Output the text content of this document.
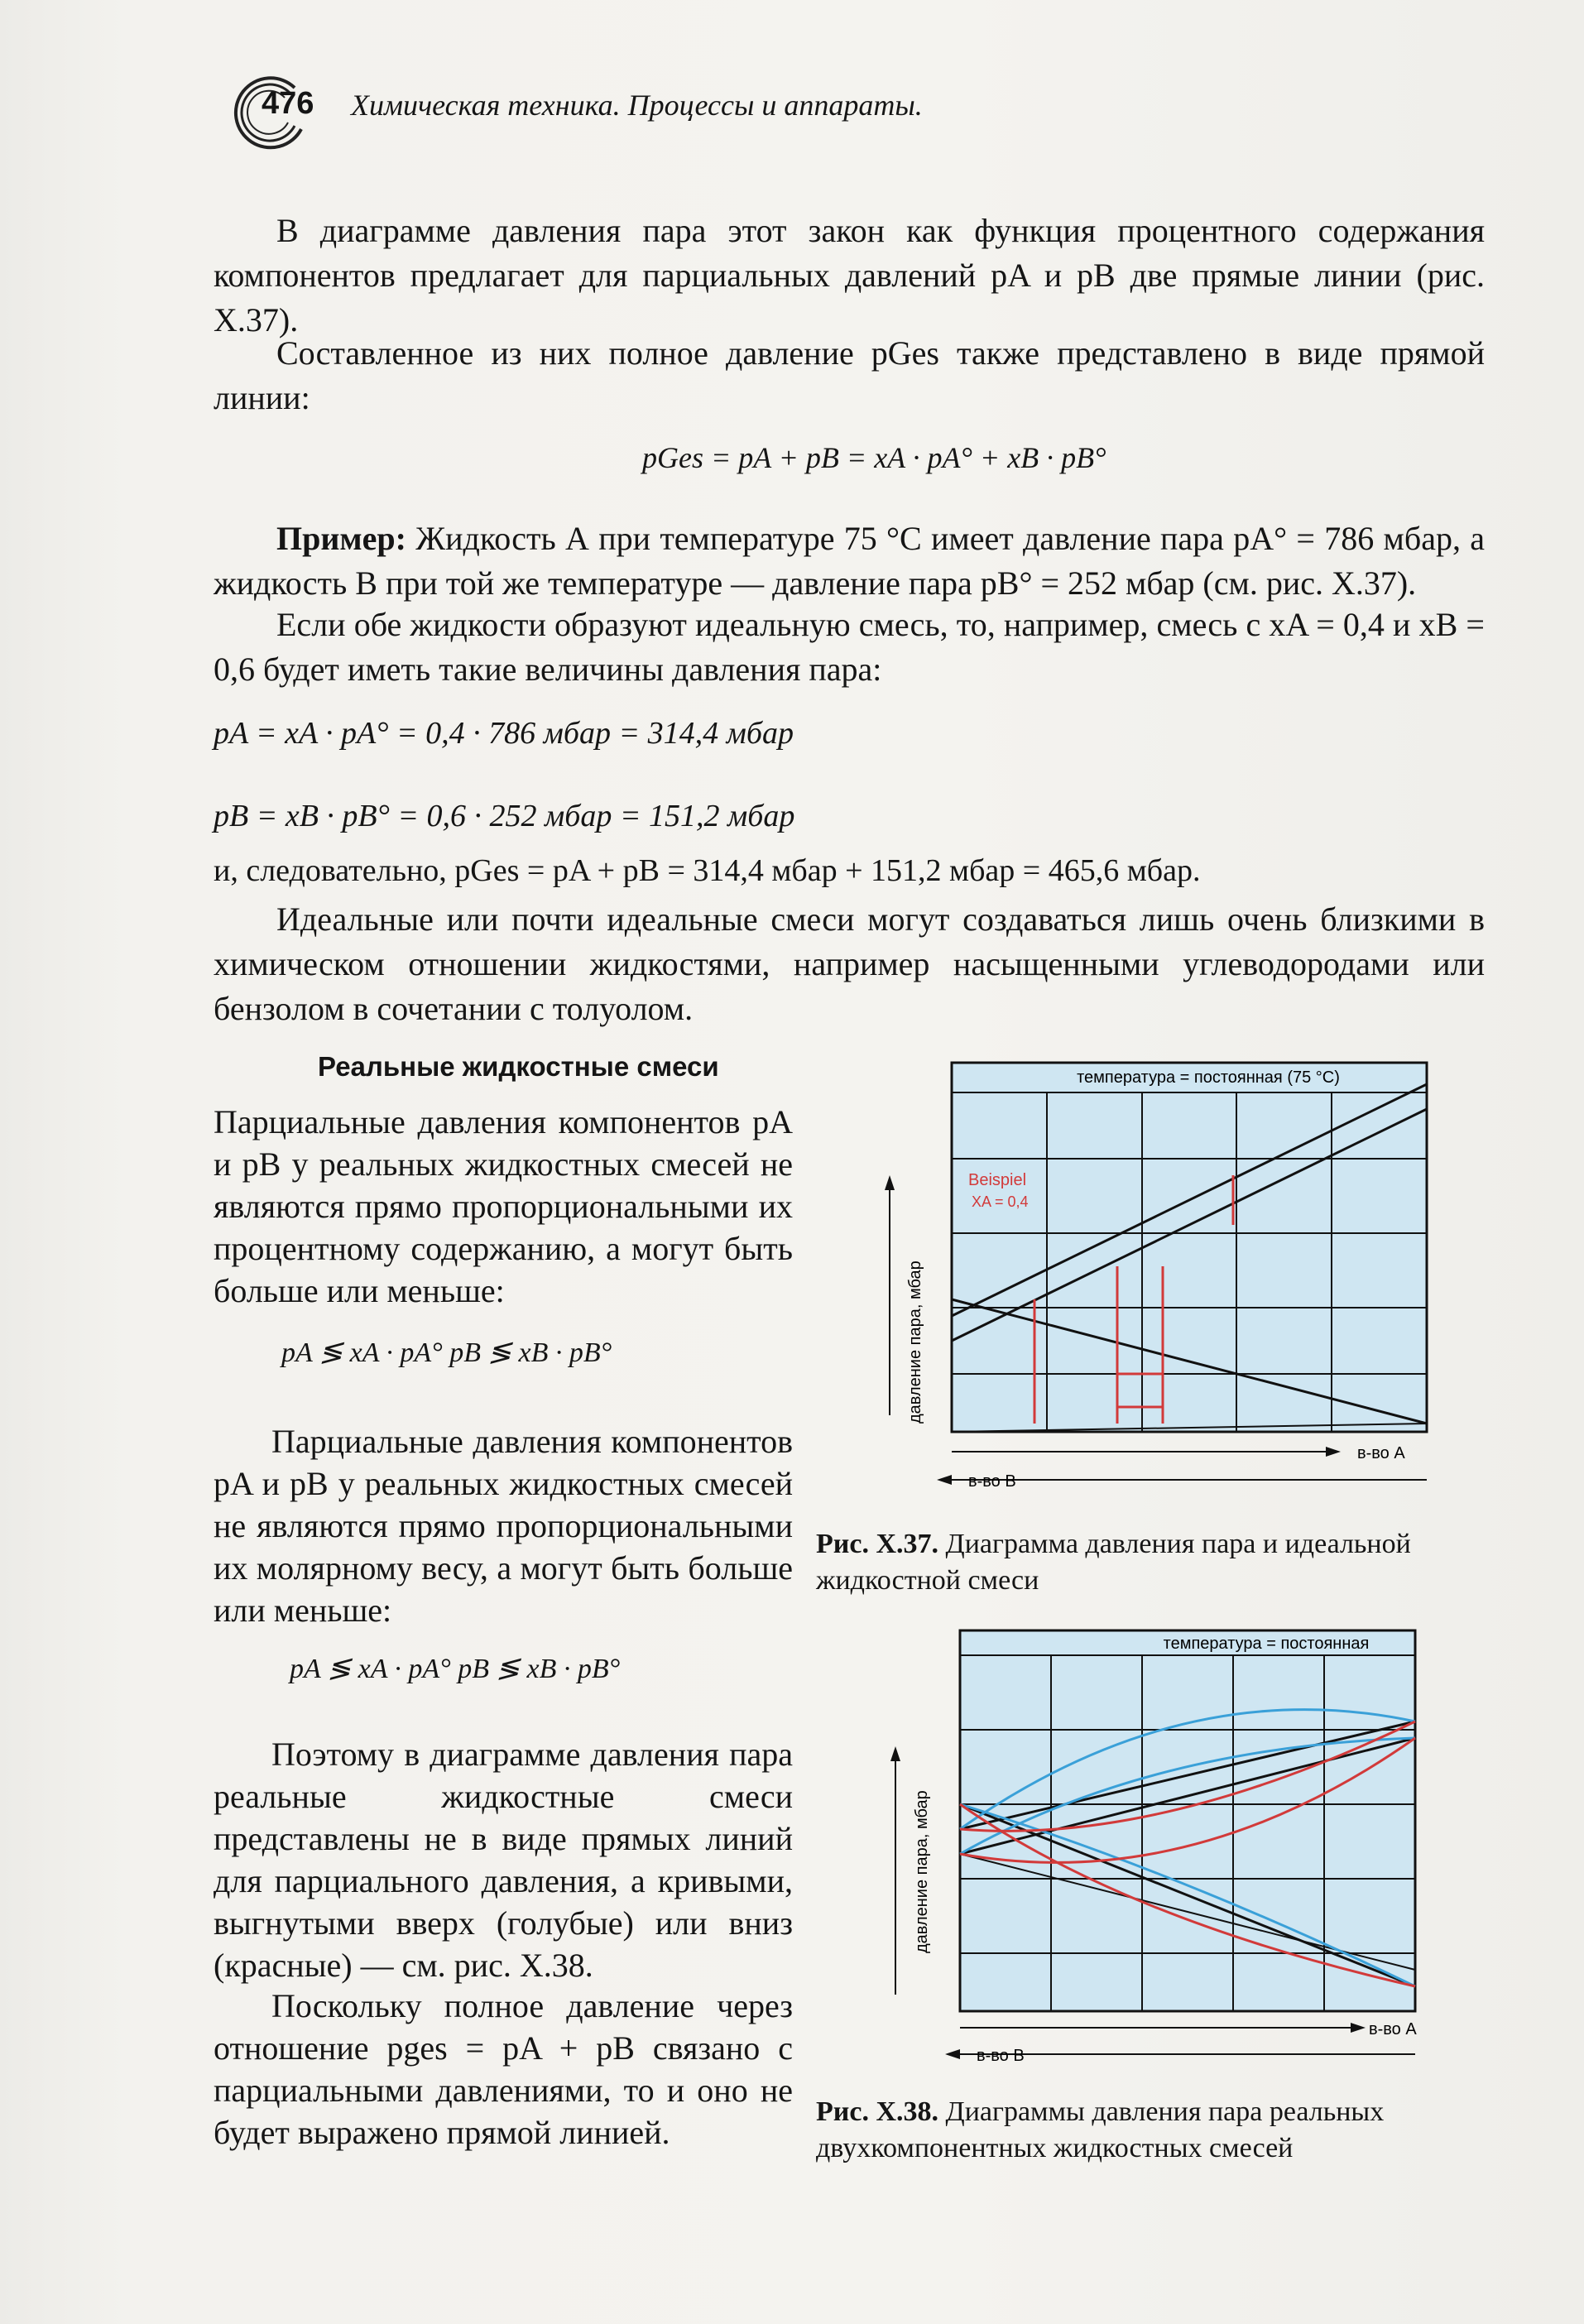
476 Химическая техника. Процессы и аппараты.

В диаграмме давления пара этот закон как функция процентного содержания компонентов предлагает для парциальных давлений pA и pB две прямые линии (рис. X.37).

Составленное из них полное давление pGes также представлено в виде прямой линии:

pGes = pA + pB = xA · pA° + xB · pB°

Пример: Жидкость А при температуре 75 °С имеет давление пара pA° = 786 мбар, а жидкость В при той же температуре — давление пара pB° = 252 мбар (см. рис. X.37).

Если обе жидкости образуют идеальную смесь, то, например, смесь с xA = 0,4 и xB = 0,6 будет иметь такие величины давления пара:

pA = xA · pA° = 0,4 · 786 мбар = 314,4 мбар
pB = xB · pB° = 0,6 · 252 мбар = 151,2 мбар
и, следовательно, pGes = pA + pB = 314,4 мбар + 151,2 мбар = 465,6 мбар.

Идеальные или почти идеальные смеси могут создаваться лишь очень близкими в химическом отношении жидкостями, например насыщенными углеводородами или бензолом в сочетании с толуолом.

Реальные жидкостные смеси

Парциальные давления компонентов pA и pB у реальных жидкостных смесей не являются прямо пропорциональными их процентному содержанию, а могут быть больше или меньше:

pA ≶ xA · pA° pB ≶ xB · pB°

Парциальные давления компонентов pA и pB у реальных жидкостных смесей не являются прямо пропорциональными их молярному весу, а могут быть больше или меньше:

pA ≶ xA · pA° pB ≶ xB · pB°

Поэтому в диаграмме давления пара реальные жидкостные смеси представлены не в виде прямых линий для парциального давления, а кривыми, выгнутыми вверх (голубые) или вниз (красные) — см. рис. X.38.

Поскольку полное давление через отношение pges = pA + pB связано с парциальными давлениями, то и оно не будет выражено прямой линией.

температура = постоянная (75 °C)
Beispiel
XA = 0,4
давление пара, мбар
в-во А
в-во В
Рис. X.37. Диаграмма давления пара и идеальной жидкостной смеси
температура = постоянная
давление пара, мбар
в-во А
в-во В
Рис. X.38. Диаграммы давления пара реальных двухкомпонентных жидкостных смесей
